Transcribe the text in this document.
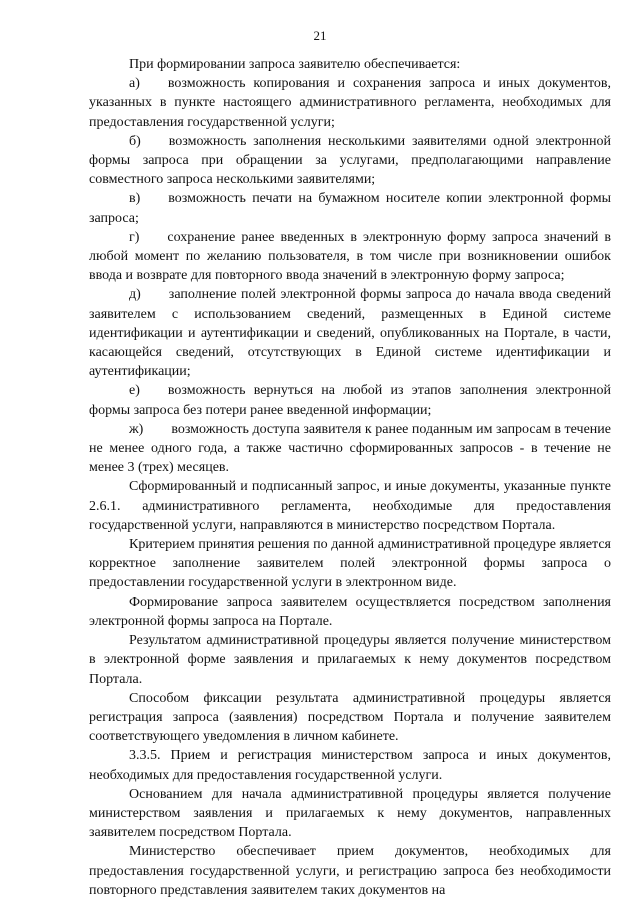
21

При формировании запроса заявителю обеспечивается:

а)  возможность копирования и сохранения запроса и иных документов, указанных в пункте настоящего административного регламента, необходимых для предоставления государственной услуги;

б)  возможность заполнения несколькими заявителями одной электронной формы запроса при обращении за услугами, предполагающими направление совместного запроса несколькими заявителями;

в)  возможность печати на бумажном носителе копии электронной формы запроса;

г)  сохранение ранее введенных в электронную форму запроса значений в любой момент по желанию пользователя, в том числе при возникновении ошибок ввода и возврате для повторного ввода значений в электронную форму запроса;

д)  заполнение полей электронной формы запроса до начала ввода сведений заявителем с использованием сведений, размещенных в Единой системе идентификации и аутентификации и сведений, опубликованных на Портале, в части, касающейся сведений, отсутствующих в Единой системе идентификации и аутентификации;

е)  возможность вернуться на любой из этапов заполнения электронной формы запроса без потери ранее введенной информации;

ж)  возможность доступа заявителя к ранее поданным им запросам в течение не менее одного года, а также частично сформированных запросов - в течение не менее 3 (трех) месяцев.

Сформированный и подписанный запрос, и иные документы, указанные пункте 2.6.1. административного регламента, необходимые для предоставления государственной услуги, направляются в министерство посредством Портала.

Критерием принятия решения по данной административной процедуре является корректное заполнение заявителем полей электронной формы запроса о предоставлении государственной услуги в электронном виде.

Формирование запроса заявителем осуществляется посредством заполнения электронной формы запроса на Портале.

Результатом административной процедуры является получение министерством в электронной форме заявления и прилагаемых к нему документов посредством Портала.

Способом фиксации результата административной процедуры является регистрация запроса (заявления) посредством Портала и получение заявителем соответствующего уведомления в личном кабинете.

3.3.5. Прием и регистрация министерством запроса и иных документов, необходимых для предоставления государственной услуги.

Основанием для начала административной процедуры является получение министерством заявления и прилагаемых к нему документов, направленных заявителем посредством Портала.

Министерство обеспечивает прием документов, необходимых для предоставления государственной услуги, и регистрацию запроса без необходимости повторного представления заявителем таких документов на
